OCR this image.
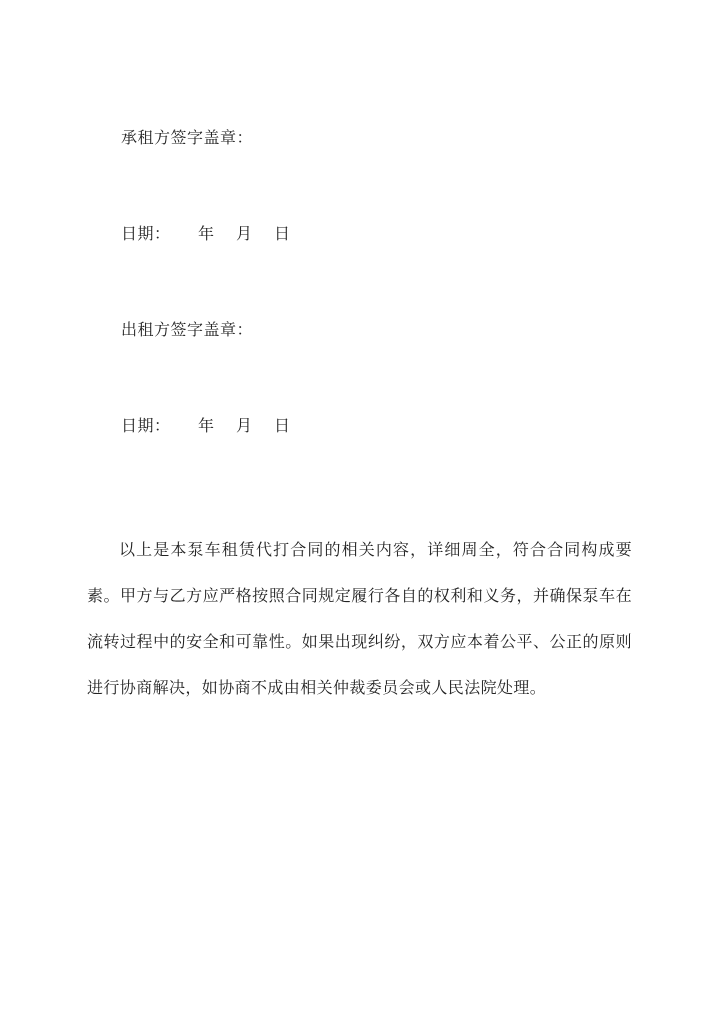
承租方签字盖章：
日期： 年 月 日
出租方签字盖章：
日期： 年 月 日

以上是本泵车租赁代打合同的相关内容，详细周全，符合合同构成要素。甲方与乙方应严格按照合同规定履行各自的权利和义务，并确保泵车在流转过程中的安全和可靠性。如果出现纠纷，双方应本着公平、公正的原则进行协商解决，如协商不成由相关仲裁委员会或人民法院处理。
